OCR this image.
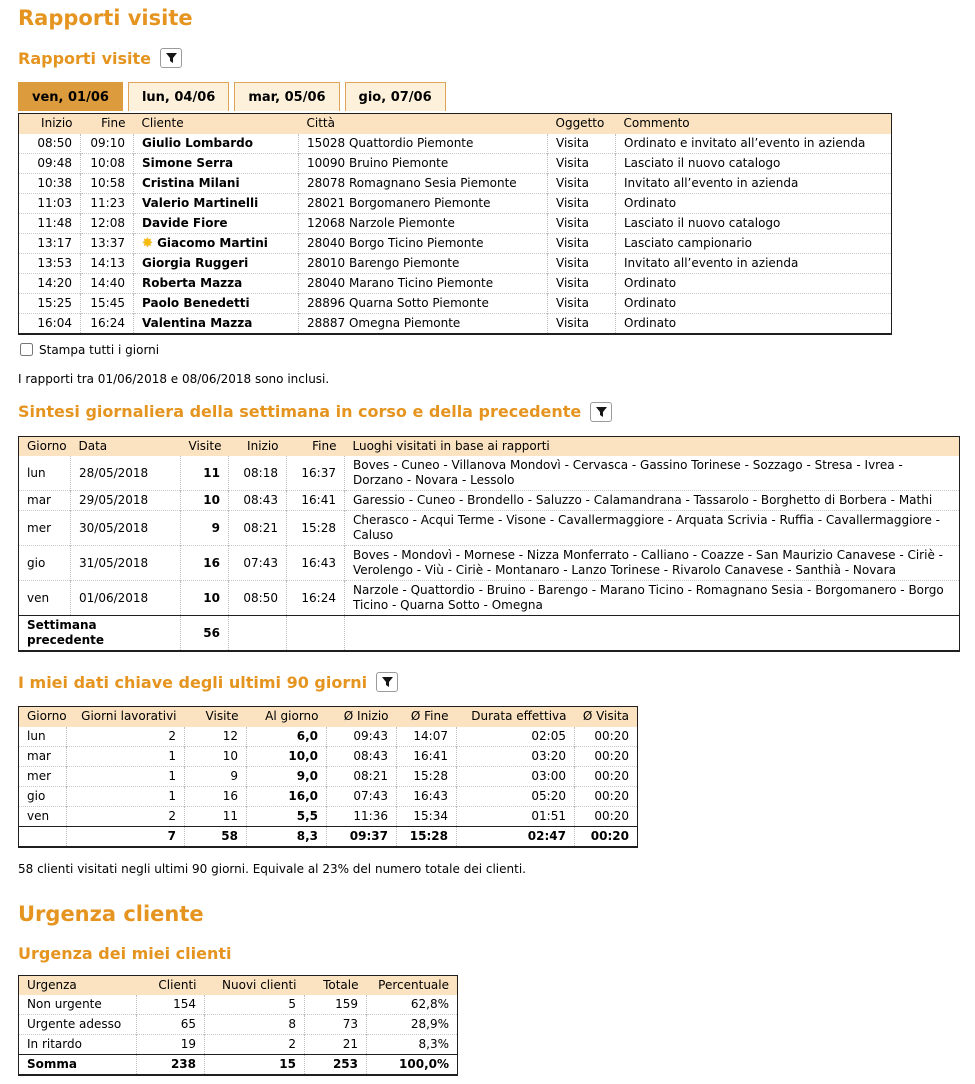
Rapporti visite
Rapporti visite
ven, 01/06	lun, 04/06	mar, 05/06	gio, 07/06
Inizio	Fine	Cliente	Città	Oggetto	Commento
08:50	09:10	Giulio Lombardo	15028 Quattordio Piemonte	Visita	Ordinato e invitato all’evento in azienda
09:48	10:08	Simone Serra	10090 Bruino Piemonte	Visita	Lasciato il nuovo catalogo
10:38	10:58	Cristina Milani	28078 Romagnano Sesia Piemonte	Visita	Invitato all’evento in azienda
11:03	11:23	Valerio Martinelli	28021 Borgomanero Piemonte	Visita	Ordinato
11:48	12:08	Davide Fiore	12068 Narzole Piemonte	Visita	Lasciato il nuovo catalogo
13:17	13:37	✸ Giacomo Martini	28040 Borgo Ticino Piemonte	Visita	Lasciato campionario
13:53	14:13	Giorgia Ruggeri	28010 Barengo Piemonte	Visita	Invitato all’evento in azienda
14:20	14:40	Roberta Mazza	28040 Marano Ticino Piemonte	Visita	Ordinato
15:25	15:45	Paolo Benedetti	28896 Quarna Sotto Piemonte	Visita	Ordinato
16:04	16:24	Valentina Mazza	28887 Omegna Piemonte	Visita	Ordinato
Stampa tutti i giorni

I rapporti tra 01/06/2018 e 08/06/2018 sono inclusi.

Sintesi giornaliera della settimana in corso e della precedente
Giorno	Data	Visite	Inizio	Fine	Luoghi visitati in base ai rapporti
lun	28/05/2018	11	08:18	16:37	Boves - Cuneo - Villanova Mondovì - Cervasca - Gassino Torinese - Sozzago - Stresa - Ivrea - Dorzano - Novara - Lessolo
mar	29/05/2018	10	08:43	16:41	Garessio - Cuneo - Brondello - Saluzzo - Calamandrana - Tassarolo - Borghetto di Borbera - Mathi
mer	30/05/2018	9	08:21	15:28	Cherasco - Acqui Terme - Visone - Cavallermaggiore - Arquata Scrivia - Ruffia - Cavallermaggiore - Caluso
gio	31/05/2018	16	07:43	16:43	Boves - Mondovì - Mornese - Nizza Monferrato - Calliano - Coazze - San Maurizio Canavese - Ciriè - Verolengo - Viù - Ciriè - Montanaro - Lanzo Torinese - Rivarolo Canavese - Santhià - Novara
ven	01/06/2018	10	08:50	16:24	Narzole - Quattordio - Bruino - Barengo - Marano Ticino - Romagnano Sesia - Borgomanero - Borgo Ticino - Quarna Sotto - Omegna
Settimana precedente		56			
I miei dati chiave degli ultimi 90 giorni
Giorno	Giorni lavorativi	Visite	Al giorno	Ø Inizio	Ø Fine	Durata effettiva	Ø Visita
lun	2	12	6,0	09:43	14:07	02:05	00:20
mar	1	10	10,0	08:43	16:41	03:20	00:20
mer	1	9	9,0	08:21	15:28	03:00	00:20
gio	1	16	16,0	07:43	16:43	05:20	00:20
ven	2	11	5,5	11:36	15:34	01:51	00:20
	7	58	8,3	09:37	15:28	02:47	00:20

58 clienti visitati negli ultimi 90 giorni. Equivale al 23% del numero totale dei clienti.

Urgenza cliente
Urgenza dei miei clienti
Urgenza	Clienti	Nuovi clienti	Totale	Percentuale
Non urgente	154	5	159	62,8%
Urgente adesso	65	8	73	28,9%
In ritardo	19	2	21	8,3%
Somma	238	15	253	100,0%
